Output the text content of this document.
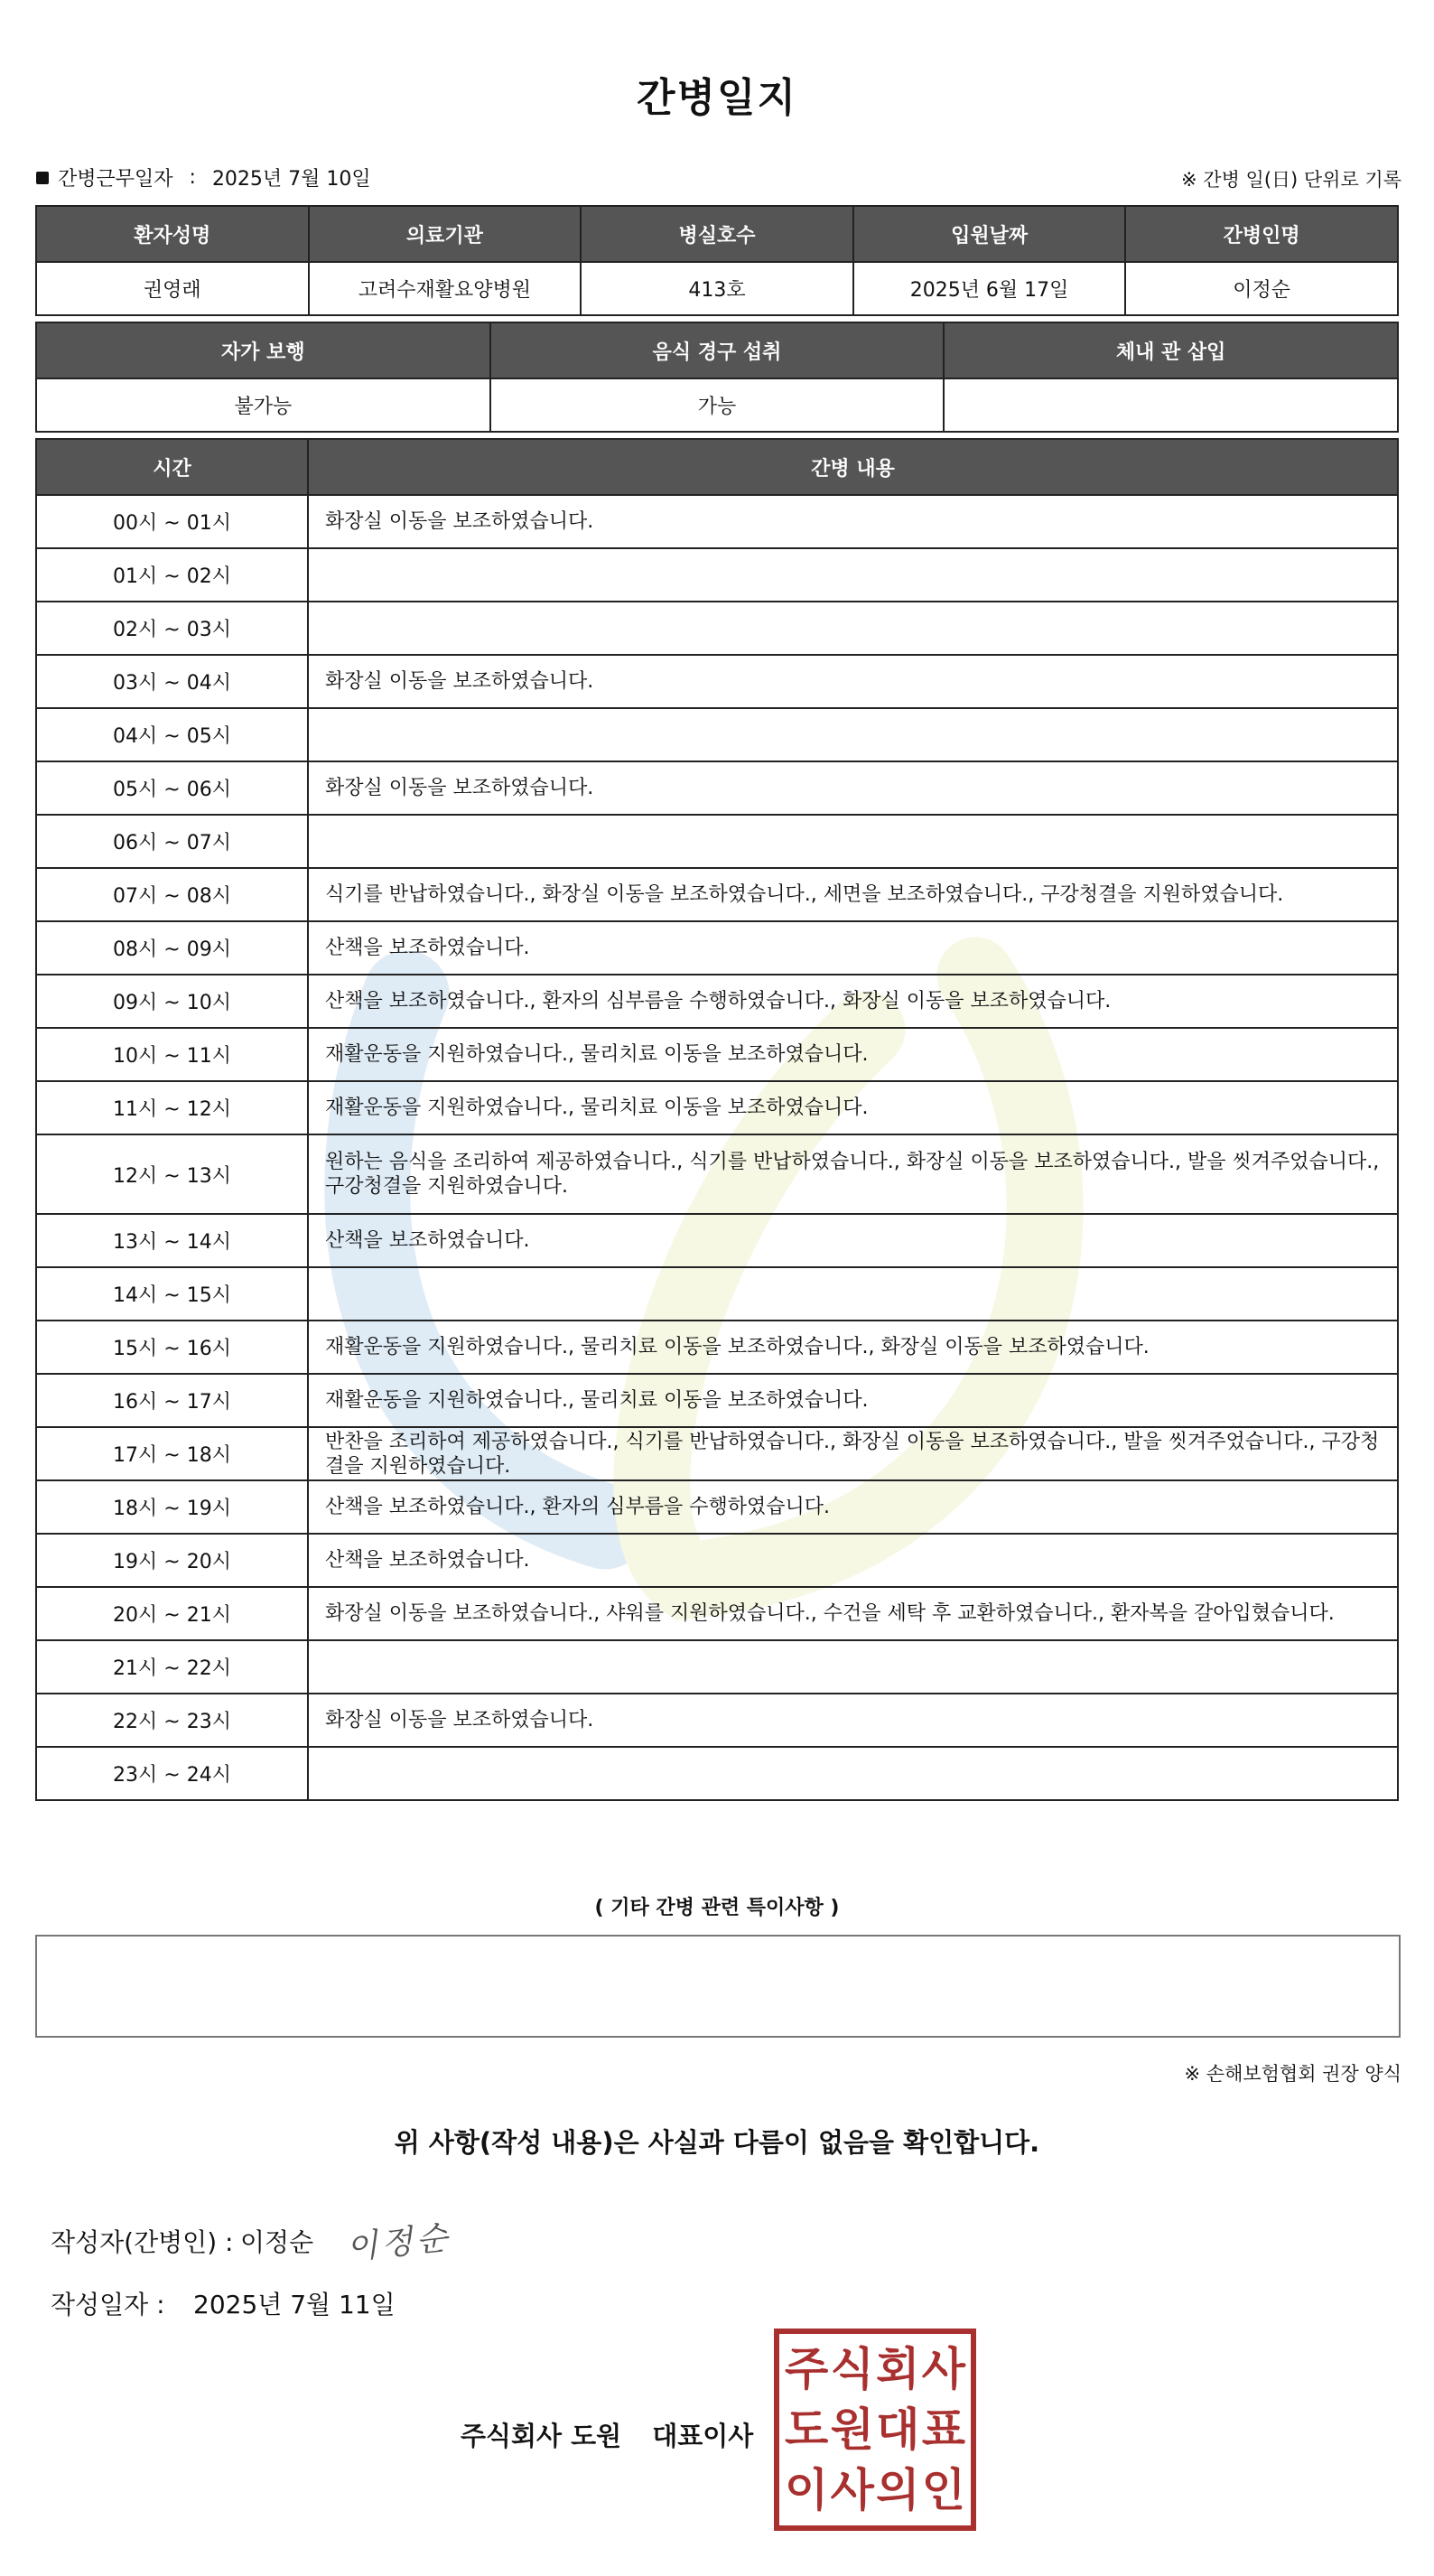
간병일지
간병근무일자 : 2025년 7월 10일	※ 간병 일(日) 단위로 기록
환자성명	의료기관	병실호수	입원날짜	간병인명
권영래	고려수재활요양병원	413호	2025년 6월 17일	이정순
자가 보행	음식 경구 섭취	체내 관 삽입
불가능	가능	
시간	간병 내용
00시 ~ 01시	화장실 이동을 보조하였습니다.
01시 ~ 02시	
02시 ~ 03시	
03시 ~ 04시	화장실 이동을 보조하였습니다.
04시 ~ 05시	
05시 ~ 06시	화장실 이동을 보조하였습니다.
06시 ~ 07시	
07시 ~ 08시	식기를 반납하였습니다., 화장실 이동을 보조하였습니다., 세면을 보조하였습니다., 구강청결을 지원하였습니다.
08시 ~ 09시	산책을 보조하였습니다.
09시 ~ 10시	산책을 보조하였습니다., 환자의 심부름을 수행하였습니다., 화장실 이동을 보조하였습니다.
10시 ~ 11시	재활운동을 지원하였습니다., 물리치료 이동을 보조하였습니다.
11시 ~ 12시	재활운동을 지원하였습니다., 물리치료 이동을 보조하였습니다.
12시 ~ 13시	원하는 음식을 조리하여 제공하였습니다., 식기를 반납하였습니다., 화장실 이동을 보조하였습니다., 발을 씻겨주었습니다., 구강청결을 지원하였습니다.
13시 ~ 14시	산책을 보조하였습니다.
14시 ~ 15시	
15시 ~ 16시	재활운동을 지원하였습니다., 물리치료 이동을 보조하였습니다., 화장실 이동을 보조하였습니다.
16시 ~ 17시	재활운동을 지원하였습니다., 물리치료 이동을 보조하였습니다.
17시 ~ 18시	반찬을 조리하여 제공하였습니다., 식기를 반납하였습니다., 화장실 이동을 보조하였습니다., 발을 씻겨주었습니다., 구강청결을 지원하였습니다.
18시 ~ 19시	산책을 보조하였습니다., 환자의 심부름을 수행하였습니다.
19시 ~ 20시	산책을 보조하였습니다.
20시 ~ 21시	화장실 이동을 보조하였습니다., 샤워를 지원하였습니다., 수건을 세탁 후 교환하였습니다., 환자복을 갈아입혔습니다.
21시 ~ 22시	
22시 ~ 23시	화장실 이동을 보조하였습니다.
23시 ~ 24시	
( 기타 간병 관련 특이사항 )
※ 손해보험협회 권장 양식
위 사항(작성 내용)은 사실과 다름이 없음을 확인합니다.
작성자(간병인) : 이정순 이정순
작성일자 :	2025년 7월 11일
주식회사 도원 대표이사
주 식 회 사
도 원 대 표
이 사 의 인
